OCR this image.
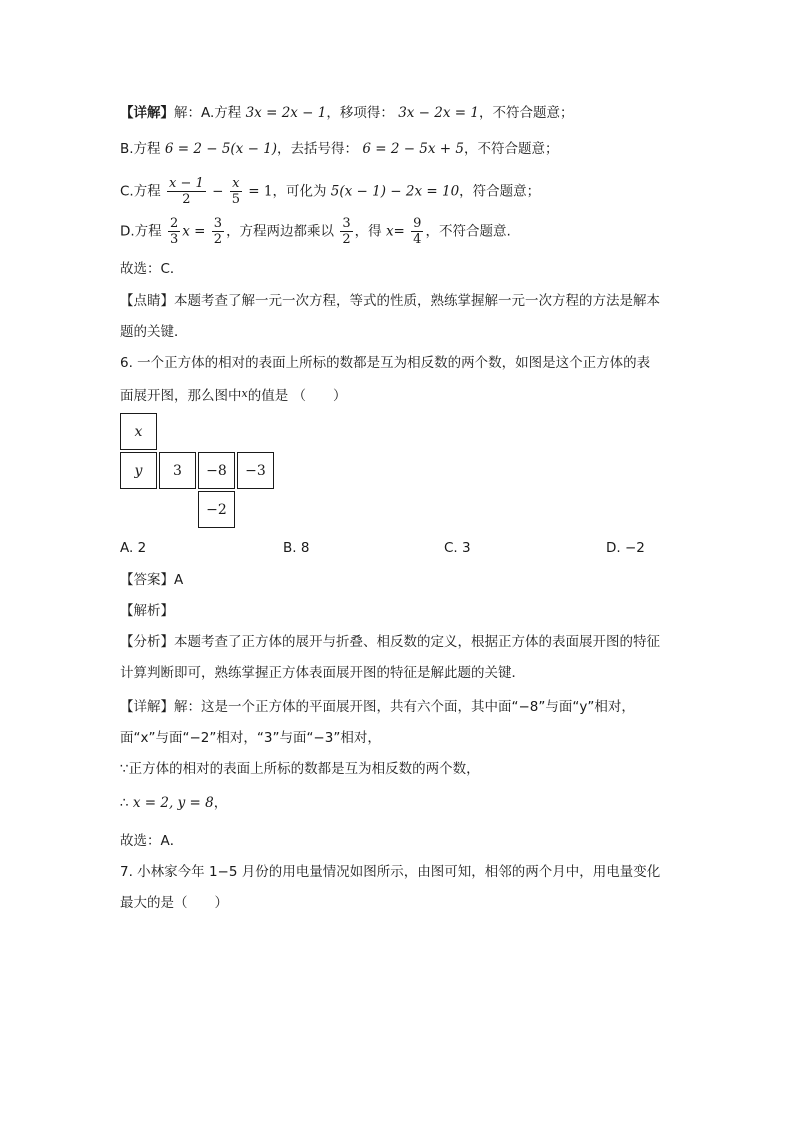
【详解】解：A.方程 3x = 2x − 1，移项得： 3x − 2x = 1，不符合题意；
B.方程 6 = 2 − 5(x − 1)，去括号得： 6 = 2 − 5x + 5，不符合题意；
C.方程 $\frac{x - 1}{2} - \frac{x}{5} = 1$，可化为 5(x − 1) − 2x = 10，符合题意；
D.方程 $\frac{2}{3}$ $x = \frac{3}{2}$ ，方程两边都乘以 $\frac{3}{2}$ ，得 $x= \frac{9}{4}$ ，不符合题意.
故选：C．
【点睛】本题考查了解一元一次方程，等式的性质，熟练掌握解一元一次方程的方法是解本
题的关键．
6. 一个正方体的相对的表面上所标的数都是互为相反数的两个数，如图是这个正方体的表
面展开图，那么图中$^x$的值是 （　　）
x
y 3 −8 −3
−2
A. 2	B. 8	C. 3	D. −2
【答案】A
【解析】
【分析】本题考查了正方体的展开与折叠、相反数的定义，根据正方体的表面展开图的特征
计算判断即可，熟练掌握正方体表面展开图的特征是解此题的关键．
【详解】解：这是一个正方体的平面展开图，共有六个面，其中面“−8”与面“y”相对，
面“x”与面“−2”相对，“3”与面“−3”相对，
∵正方体的相对的表面上所标的数都是互为相反数的两个数，
∴ x = 2, y = 8，
故选：A．
7. 小林家今年 1−5 月份的用电量情况如图所示，由图可知，相邻的两个月中，用电量变化
最大的是（　　）
